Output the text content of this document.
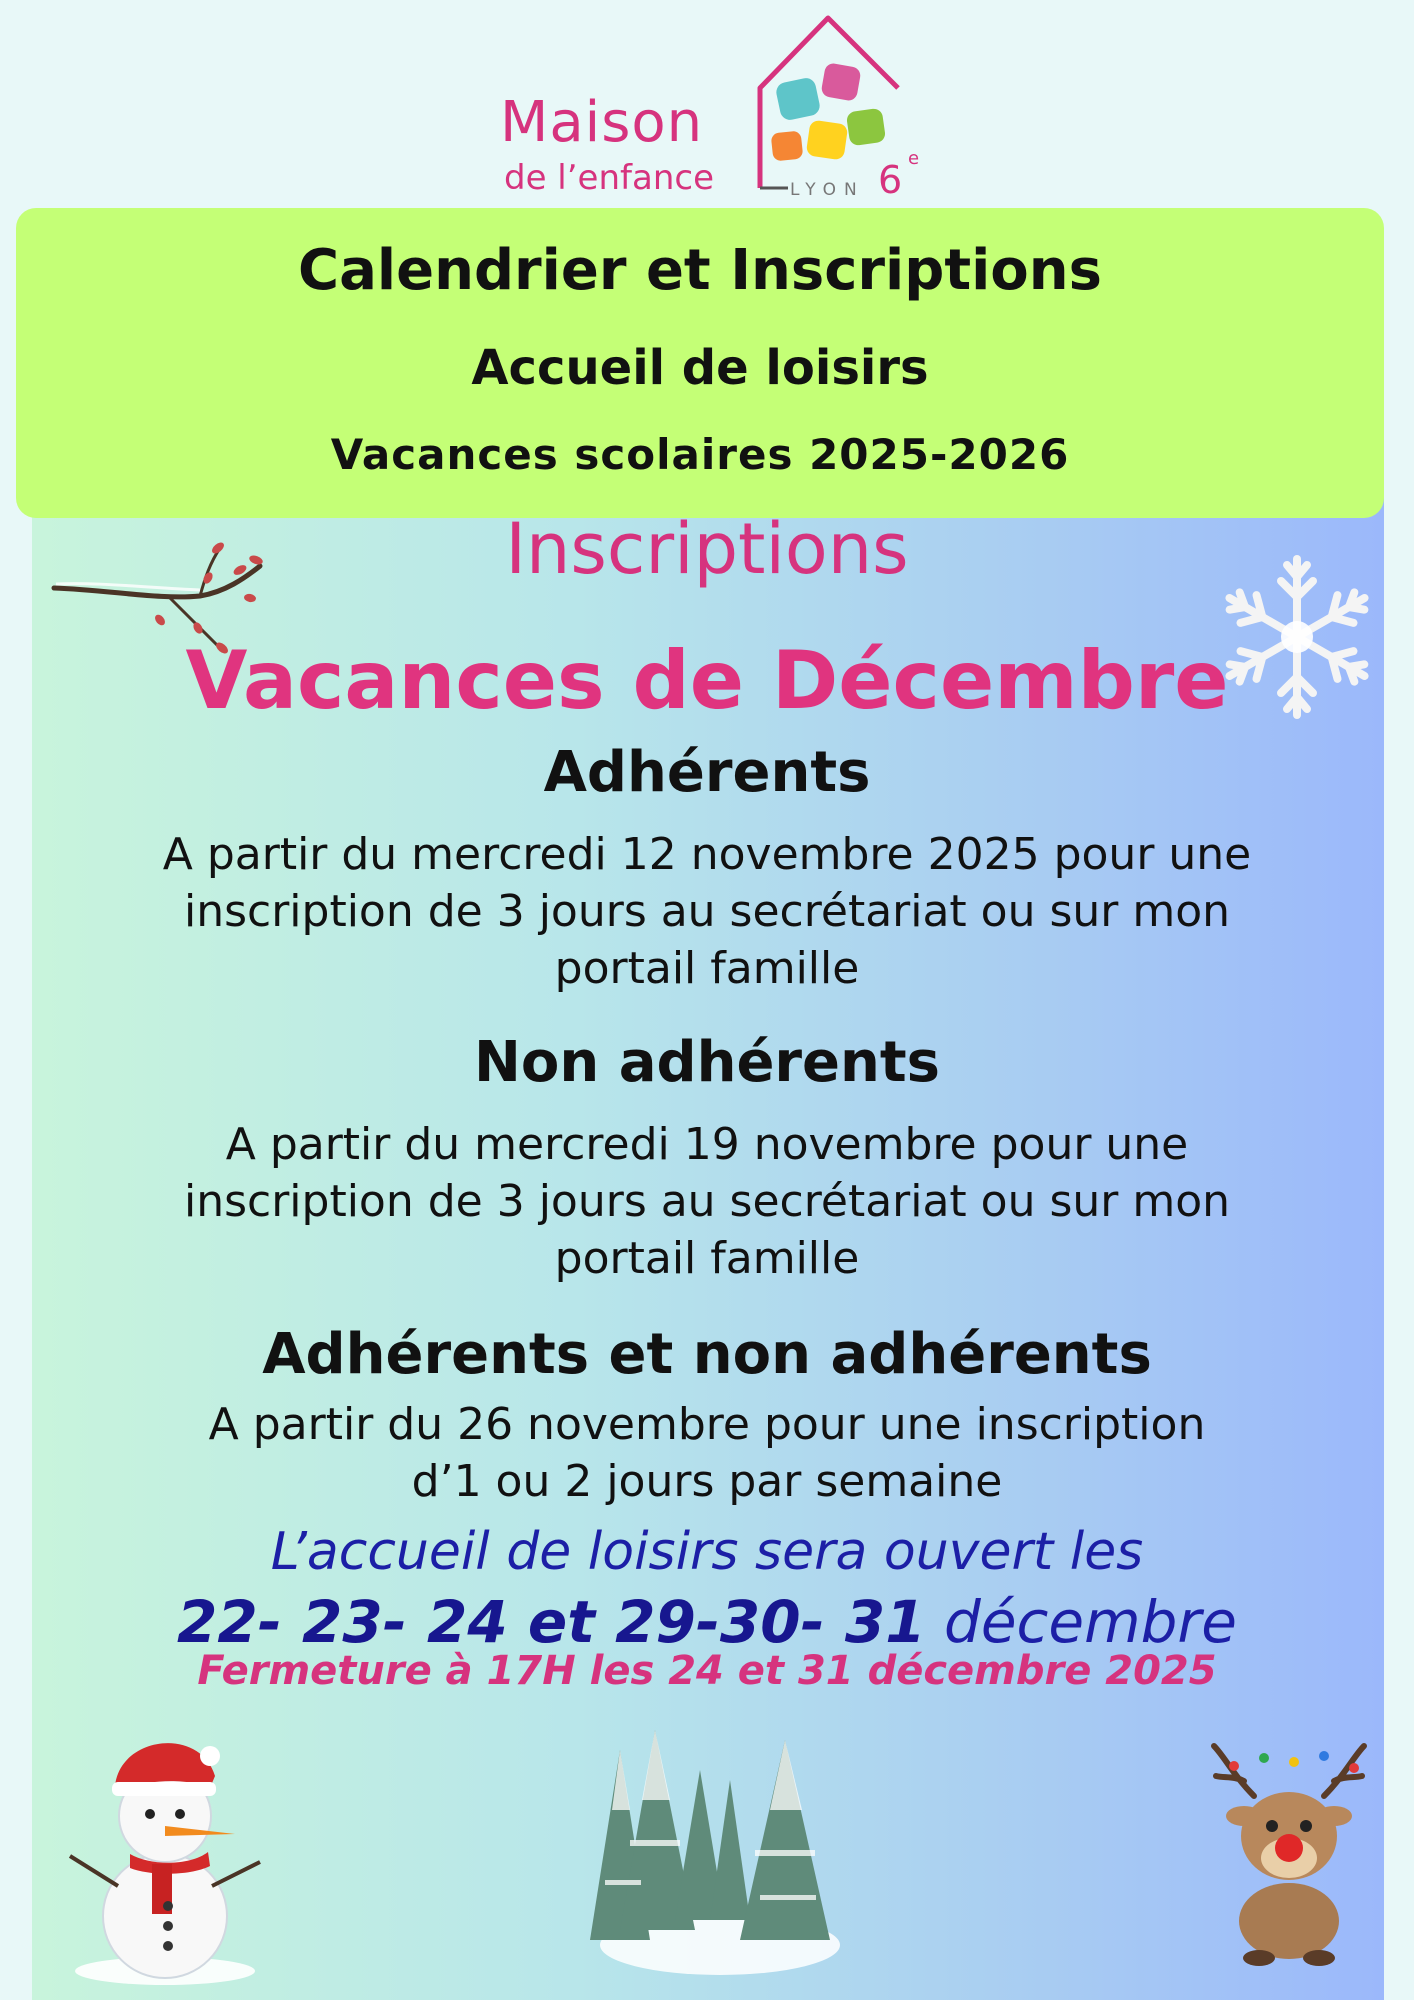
Maison
de l’enfance	LYON 6 e
Calendrier et Inscriptions
Accueil de loisirs
Vacances scolaires 2025-2026
Inscriptions
Vacances de Décembre
Adhérents
A partir du mercredi 12 novembre 2025 pour une
inscription de 3 jours au secrétariat ou sur mon
portail famille
Non adhérents
A partir du mercredi 19 novembre pour une
inscription de 3 jours au secrétariat ou sur mon
portail famille
Adhérents et non adhérents
A partir du 26 novembre pour une inscription
d’1 ou 2 jours par semaine
L’accueil de loisirs sera ouvert les
22- 23- 24 et 29-30- 31 décembre
Fermeture à 17H les 24 et 31 décembre 2025
